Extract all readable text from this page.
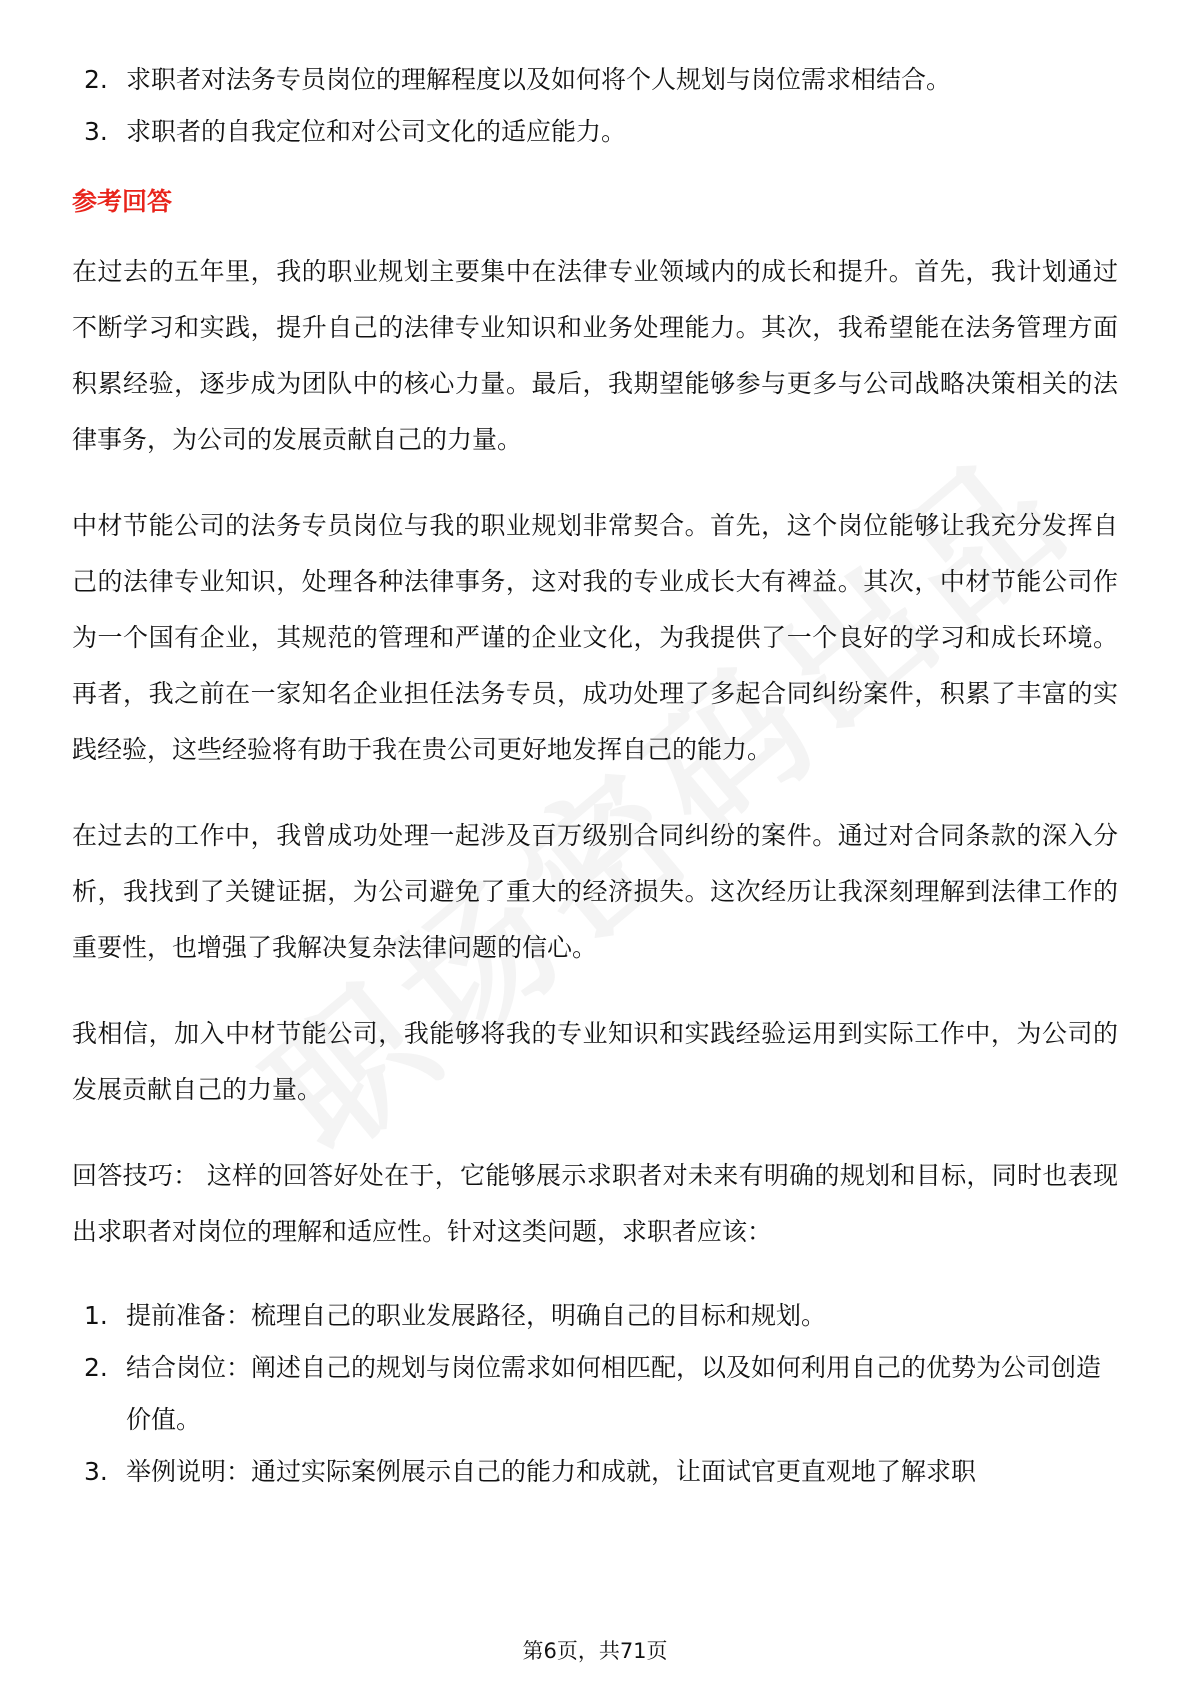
2. 求职者对法务专员岗位的理解程度以及如何将个人规划与岗位需求相结合。
3. 求职者的自我定位和对公司文化的适应能力。
参考回答

在过去的五年里，我的职业规划主要集中在法律专业领域内的成长和提升。首先，我计划通过不断学习和实践，提升自己的法律专业知识和业务处理能力。其次，我希望能在法务管理方面积累经验，逐步成为团队中的核心力量。最后，我期望能够参与更多与公司战略决策相关的法律事务，为公司的发展贡献自己的力量。

中材节能公司的法务专员岗位与我的职业规划非常契合。首先，这个岗位能够让我充分发挥自己的法律专业知识，处理各种法律事务，这对我的专业成长大有裨益。其次，中材节能公司作为一个国有企业，其规范的管理和严谨的企业文化，为我提供了一个良好的学习和成长环境。再者，我之前在一家知名企业担任法务专员，成功处理了多起合同纠纷案件，积累了丰富的实践经验，这些经验将有助于我在贵公司更好地发挥自己的能力。

在过去的工作中，我曾成功处理一起涉及百万级别合同纠纷的案件。通过对合同条款的深入分析，我找到了关键证据，为公司避免了重大的经济损失。这次经历让我深刻理解到法律工作的重要性，也增强了我解决复杂法律问题的信心。

我相信，加入中材节能公司，我能够将我的专业知识和实践经验运用到实际工作中，为公司的发展贡献自己的力量。

回答技巧： 这样的回答好处在于，它能够展示求职者对未来有明确的规划和目标，同时也表现出求职者对岗位的理解和适应性。针对这类问题，求职者应该：

1. 提前准备：梳理自己的职业发展路径，明确自己的目标和规划。
2. 结合岗位：阐述自己的规划与岗位需求如何相匹配，以及如何利用自己的优势为公司创造价值。
3. 举例说明：通过实际案例展示自己的能力和成就，让面试官更直观地了解求职
第6页，共71页
